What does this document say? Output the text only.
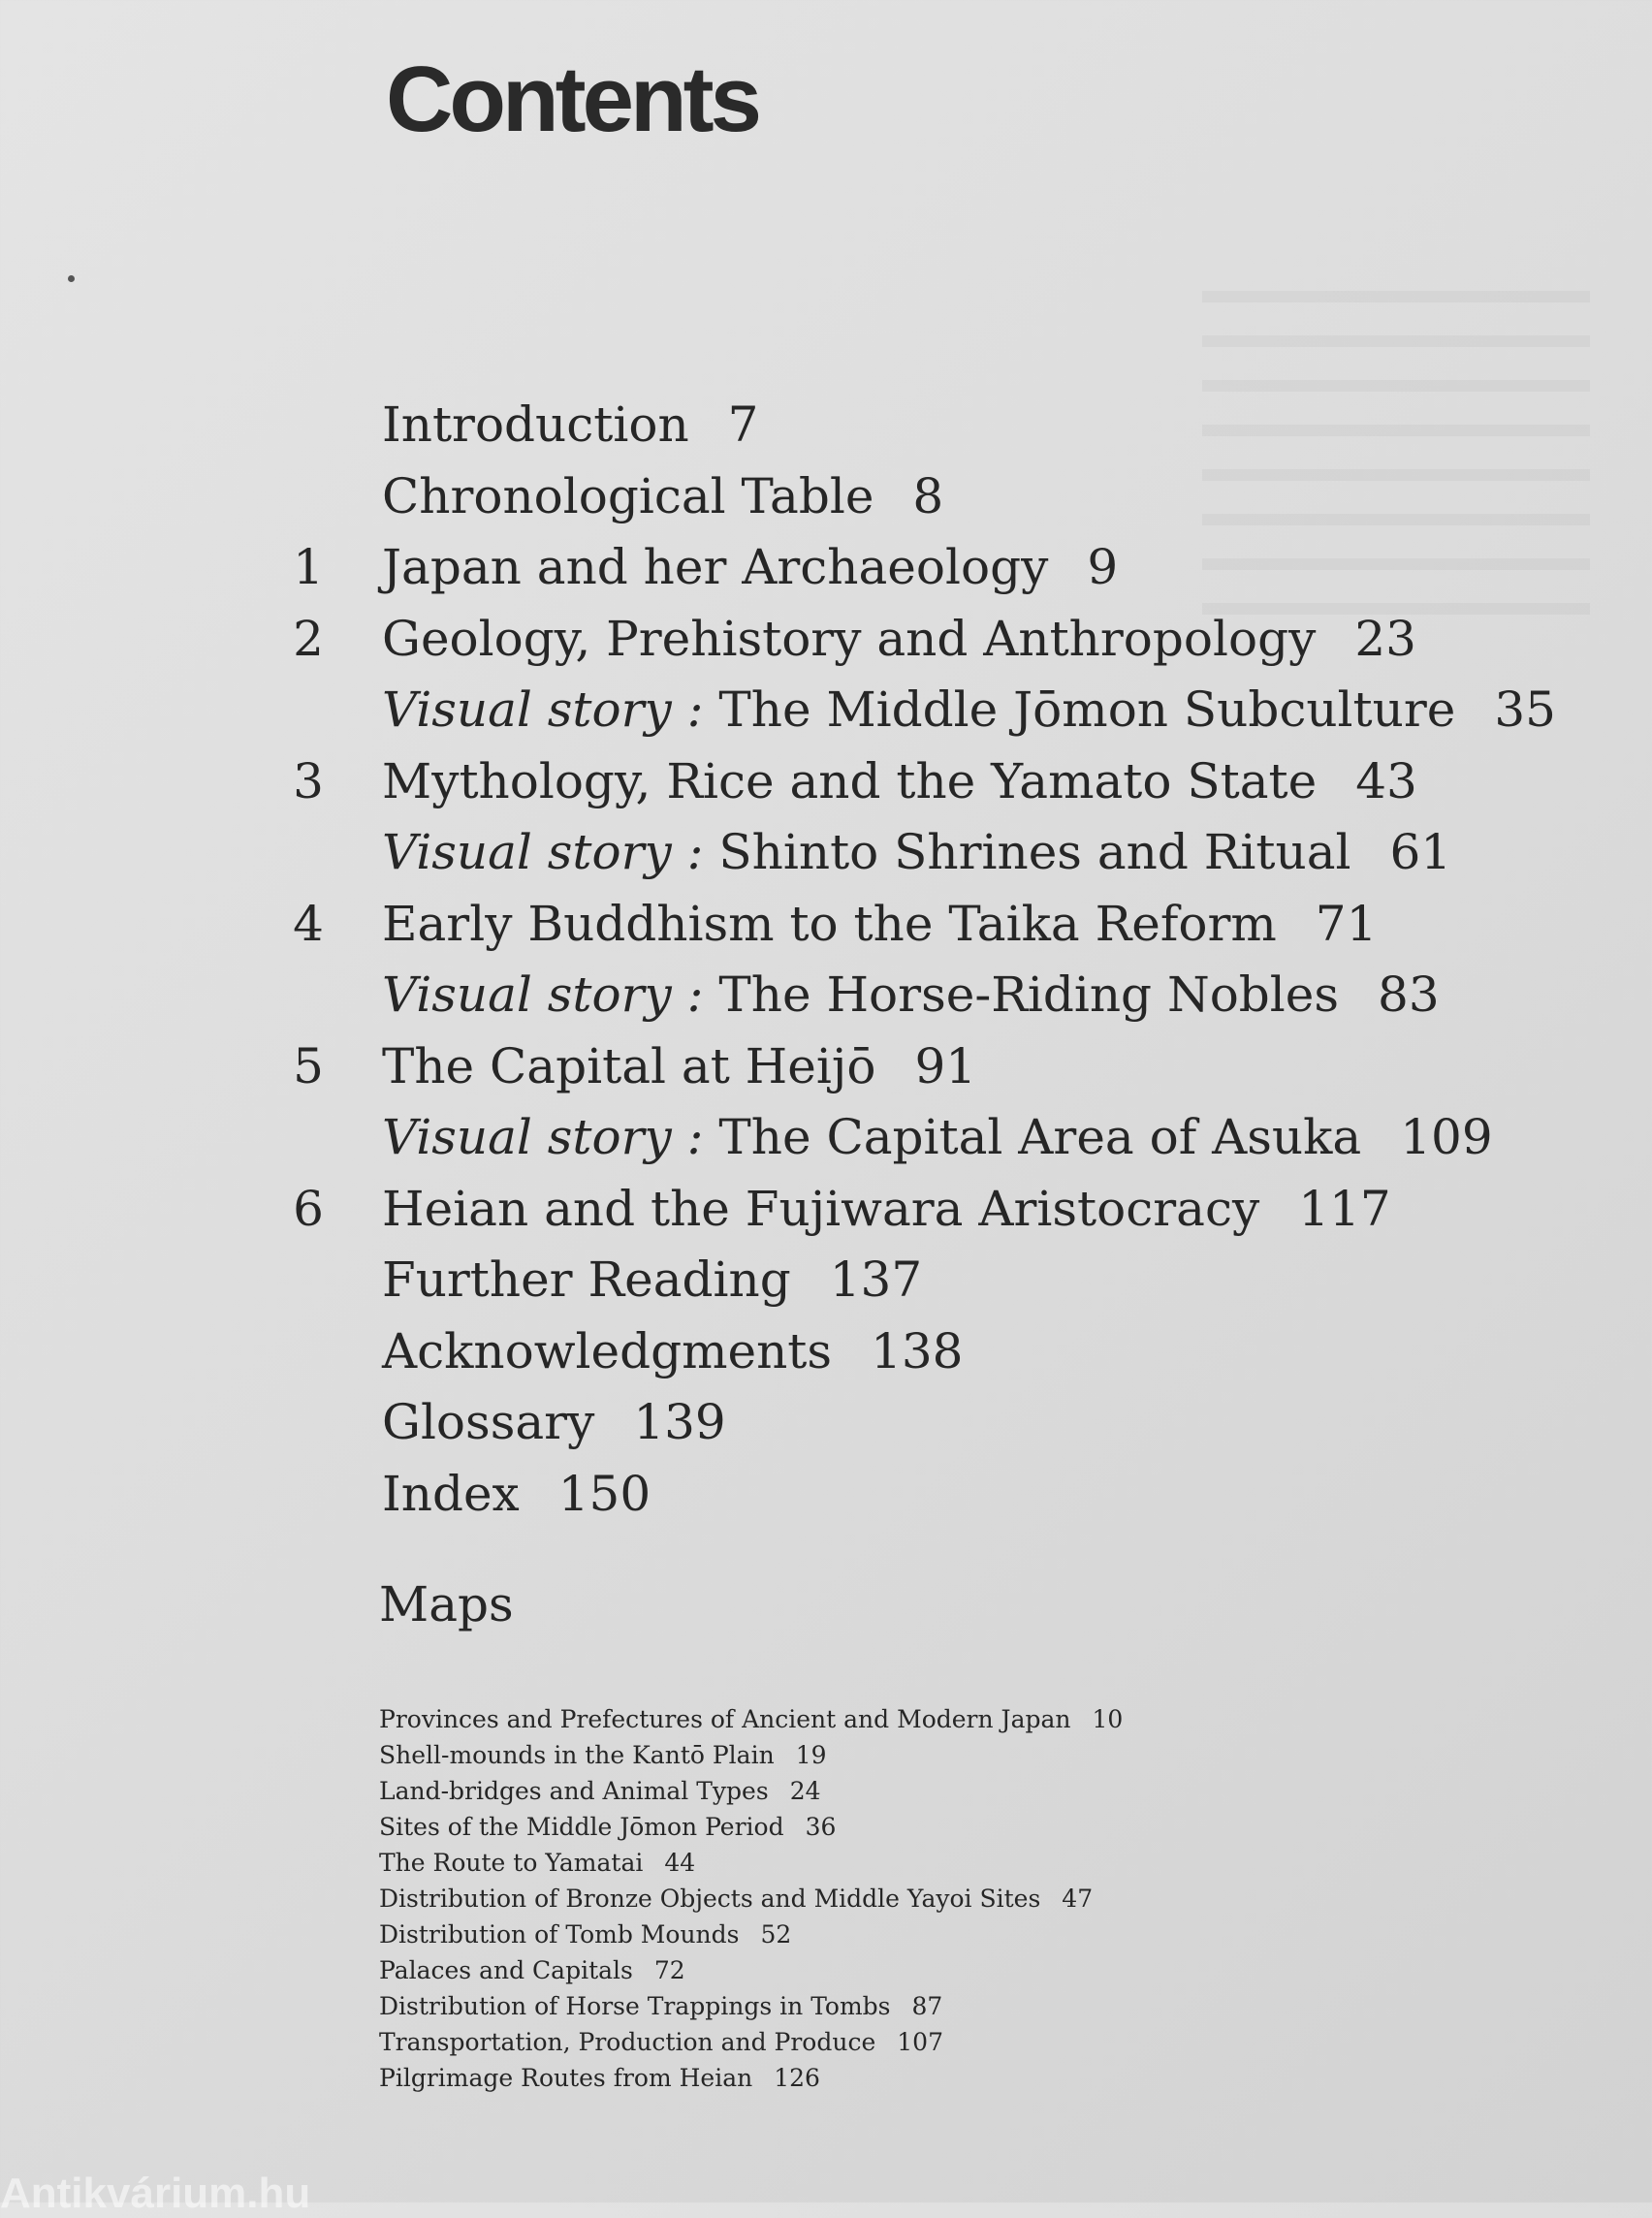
Contents
Introduction 7
Chronological Table 8
1 Japan and her Archaeology 9
2 Geology, Prehistory and Anthropology 23
Visual story : The Middle Jōmon Subculture 35
3 Mythology, Rice and the Yamato State 43
Visual story : Shinto Shrines and Ritual 61
4 Early Buddhism to the Taika Reform 71
Visual story : The Horse-Riding Nobles 83
5 The Capital at Heijō 91
Visual story : The Capital Area of Asuka 109
6 Heian and the Fujiwara Aristocracy 117
Further Reading 137
Acknowledgments 138
Glossary 139
Index 150
Maps
Provinces and Prefectures of Ancient and Modern Japan 10
Shell-mounds in the Kantō Plain 19
Land-bridges and Animal Types 24
Sites of the Middle Jōmon Period 36
The Route to Yamatai 44
Distribution of Bronze Objects and Middle Yayoi Sites 47
Distribution of Tomb Mounds 52
Palaces and Capitals 72
Distribution of Horse Trappings in Tombs 87
Transportation, Production and Produce 107
Pilgrimage Routes from Heian 126
Antikvárium.hu
